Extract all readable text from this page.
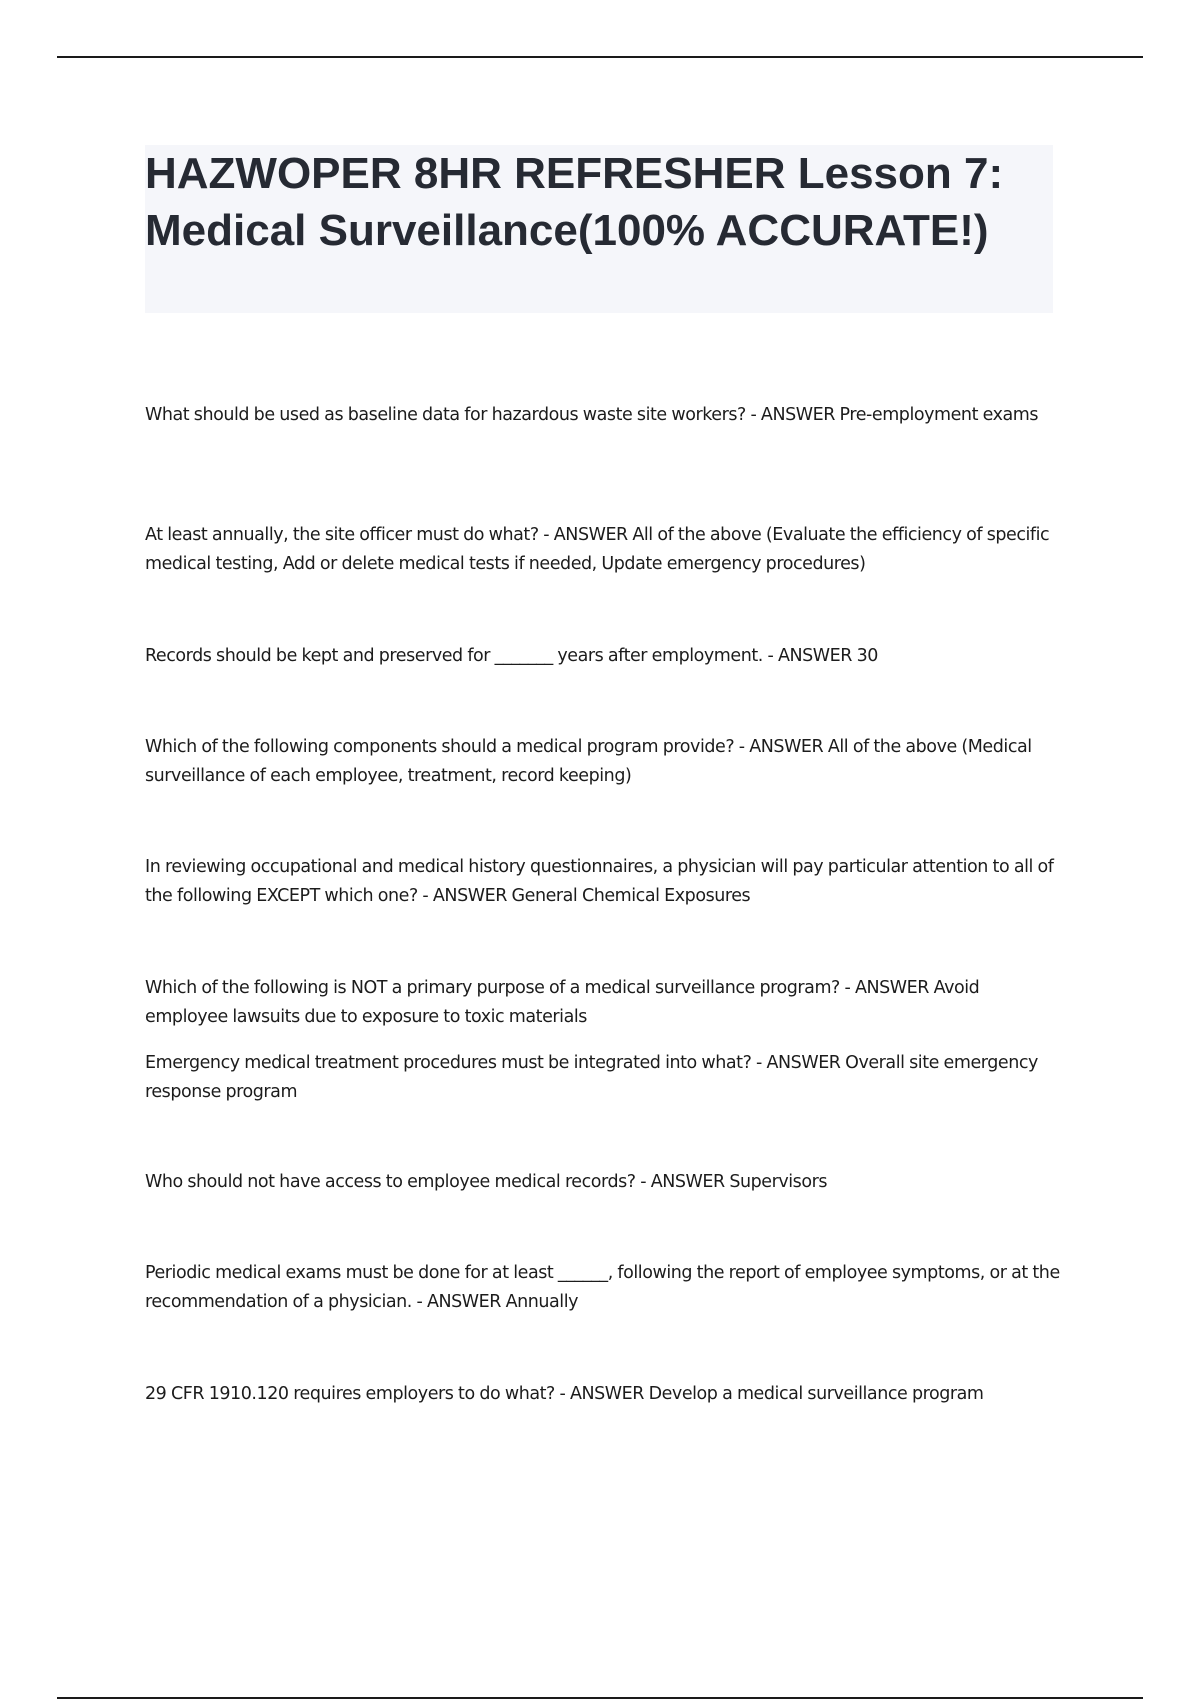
HAZWOPER 8HR REFRESHER Lesson 7: Medical Surveillance(100% ACCURATE!)

What should be used as baseline data for hazardous waste site workers? - ANSWER Pre-employment exams

At least annually, the site officer must do what? - ANSWER All of the above (Evaluate the efficiency of specific medical testing, Add or delete medical tests if needed, Update emergency procedures)

Records should be kept and preserved for _______ years after employment. - ANSWER 30

Which of the following components should a medical program provide? - ANSWER All of the above (Medical surveillance of each employee, treatment, record keeping)

In reviewing occupational and medical history questionnaires, a physician will pay particular attention to all of the following EXCEPT which one? - ANSWER General Chemical Exposures

Which of the following is NOT a primary purpose of a medical surveillance program? - ANSWER Avoid employee lawsuits due to exposure to toxic materials

Emergency medical treatment procedures must be integrated into what? - ANSWER Overall site emergency response program

Who should not have access to employee medical records? - ANSWER Supervisors

Periodic medical exams must be done for at least ______, following the report of employee symptoms, or at the recommendation of a physician. - ANSWER Annually

29 CFR 1910.120 requires employers to do what? - ANSWER Develop a medical surveillance program
